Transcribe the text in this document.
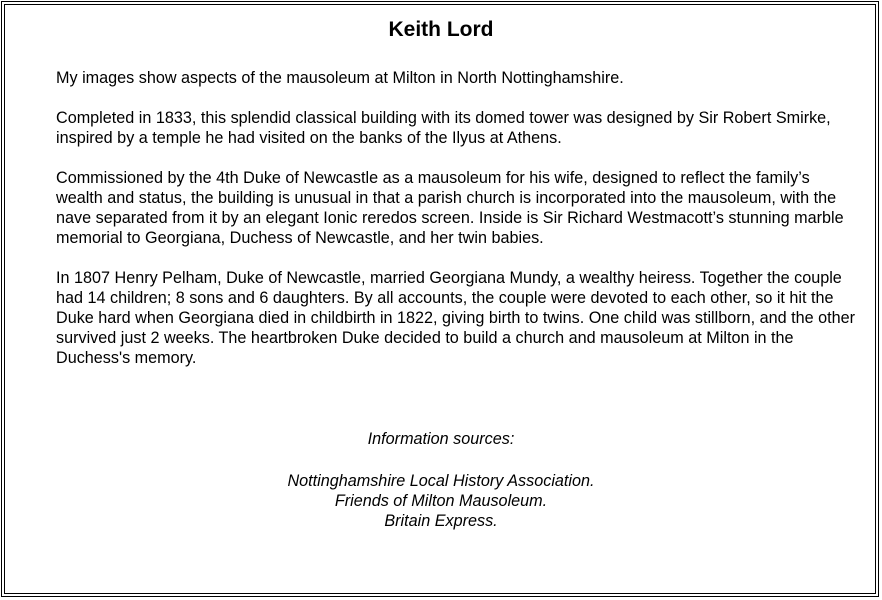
Keith Lord

My images show aspects of the mausoleum at Milton in North Nottinghamshire.

Completed in 1833, this splendid classical building with its domed tower was designed by Sir Robert Smirke, inspired by a temple he had visited on the banks of the Ilyus at Athens.

Commissioned by the 4th Duke of Newcastle as a mausoleum for his wife, designed to reflect the family’s wealth and status, the building is unusual in that a parish church is incorporated into the mausoleum, with the nave separated from it by an elegant Ionic reredos screen. Inside is Sir Richard Westmacott’s stunning marble memorial to Georgiana, Duchess of Newcastle, and her twin babies.

In 1807 Henry Pelham, Duke of Newcastle, married Georgiana Mundy, a wealthy heiress. Together the couple had 14 children; 8 sons and 6 daughters. By all accounts, the couple were devoted to each other, so it hit the Duke hard when Georgiana died in childbirth in 1822, giving birth to twins. One child was stillborn, and the other survived just 2 weeks. The heartbroken Duke decided to build a church and mausoleum at Milton in the Duchess's memory.

Information sources:

Nottinghamshire Local History Association.

Friends of Milton Mausoleum.

Britain Express.
